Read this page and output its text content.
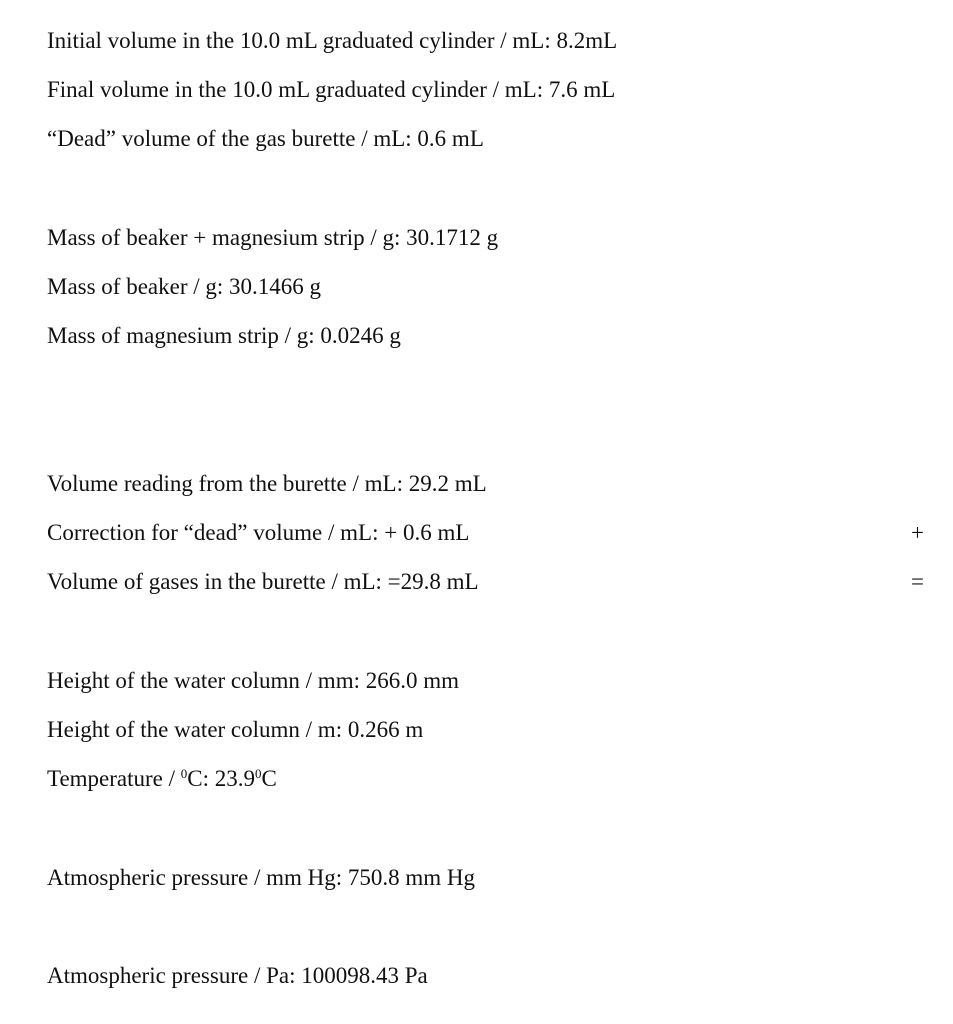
Initial volume in the 10.0 mL graduated cylinder / mL: 8.2mL
Final volume in the 10.0 mL graduated cylinder / mL: 7.6 mL
“Dead” volume of the gas burette / mL: 0.6 mL
Mass of beaker + magnesium strip / g: 30.1712 g
Mass of beaker / g: 30.1466 g
Mass of magnesium strip / g: 0.0246 g
Volume reading from the burette / mL: 29.2 mL
Correction for “dead” volume / mL: + 0.6 mL	+
Volume of gases in the burette / mL: =29.8 mL	=
Height of the water column / mm: 266.0 mm
Height of the water column / m: 0.266 m
Temperature / $^0$C: 23.9$^0$C
Atmospheric pressure / mm Hg: 750.8 mm Hg
Atmospheric pressure / Pa: 100098.43 Pa
